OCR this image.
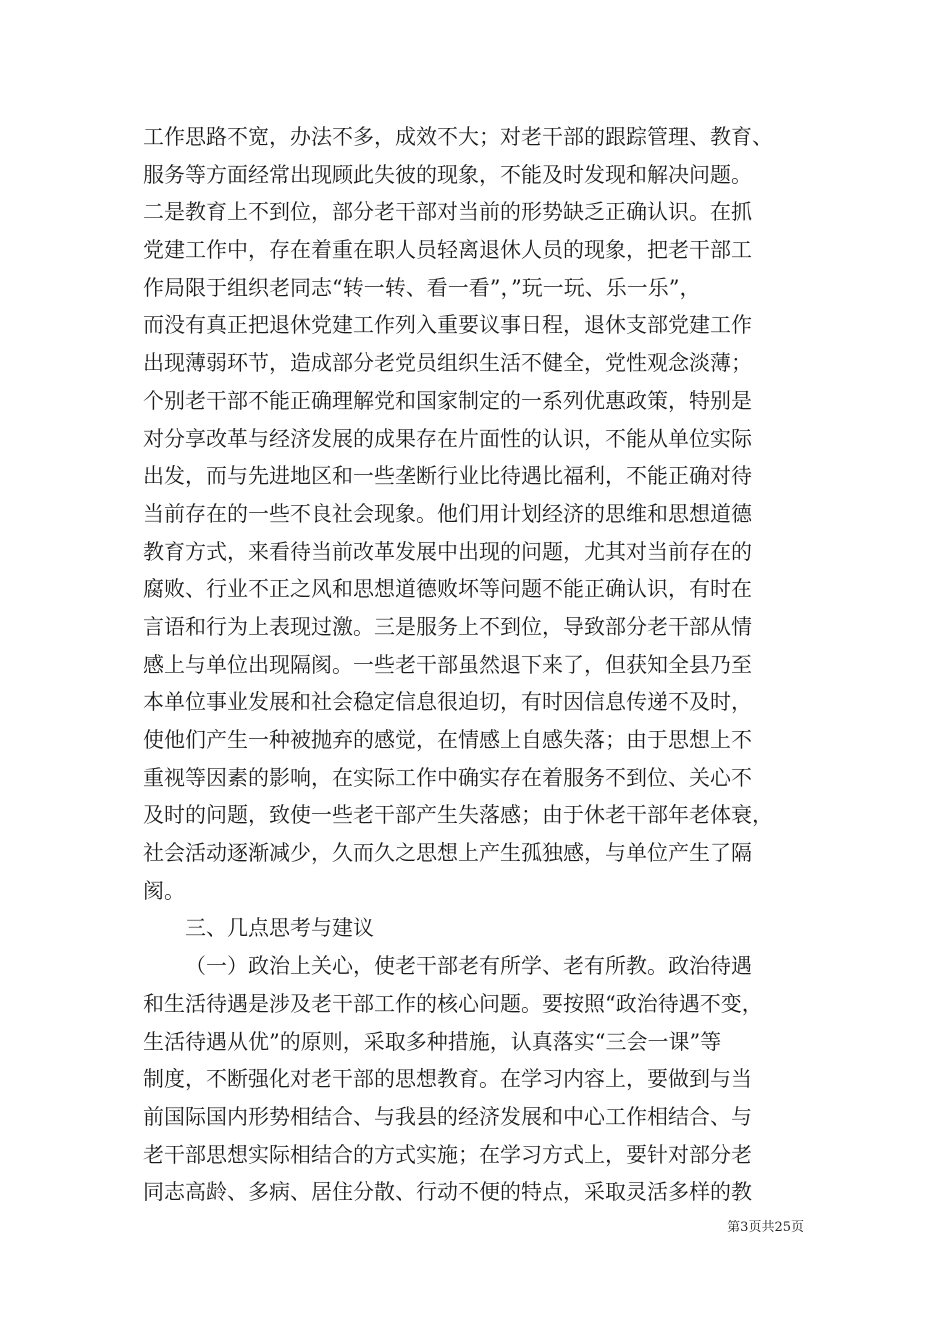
工作思路不宽，办法不多，成效不大；对老干部的跟踪管理、教育、
服务等方面经常出现顾此失彼的现象，不能及时发现和解决问题。
二是教育上不到位，部分老干部对当前的形势缺乏正确认识。在抓
党建工作中，存在着重在职人员轻离退休人员的现象，把老干部工
作局限于组织老同志“转一转、看一看”，”玩一玩、乐一乐”，
而没有真正把退休党建工作列入重要议事日程，退休支部党建工作
出现薄弱环节，造成部分老党员组织生活不健全，党性观念淡薄；
个别老干部不能正确理解党和国家制定的一系列优惠政策，特别是
对分享改革与经济发展的成果存在片面性的认识，不能从单位实际
出发，而与先进地区和一些垄断行业比待遇比福利，不能正确对待
当前存在的一些不良社会现象。他们用计划经济的思维和思想道德
教育方式，来看待当前改革发展中出现的问题，尤其对当前存在的
腐败、行业不正之风和思想道德败坏等问题不能正确认识，有时在
言语和行为上表现过激。三是服务上不到位，导致部分老干部从情
感上与单位出现隔阂。一些老干部虽然退下来了，但获知全县乃至
本单位事业发展和社会稳定信息很迫切，有时因信息传递不及时，
使他们产生一种被抛弃的感觉，在情感上自感失落；由于思想上不
重视等因素的影响，在实际工作中确实存在着服务不到位、关心不
及时的问题，致使一些老干部产生失落感；由于休老干部年老体衰，
社会活动逐渐减少，久而久之思想上产生孤独感，与单位产生了隔
阂。
三、几点思考与建议
（一）政治上关心，使老干部老有所学、老有所教。政治待遇
和生活待遇是涉及老干部工作的核心问题。要按照“政治待遇不变，
生活待遇从优”的原则，采取多种措施，认真落实“三会一课”等
制度，不断强化对老干部的思想教育。在学习内容上，要做到与当
前国际国内形势相结合、与我县的经济发展和中心工作相结合、与
老干部思想实际相结合的方式实施；在学习方式上，要针对部分老
同志高龄、多病、居住分散、行动不便的特点，采取灵活多样的教
第3页共25页
